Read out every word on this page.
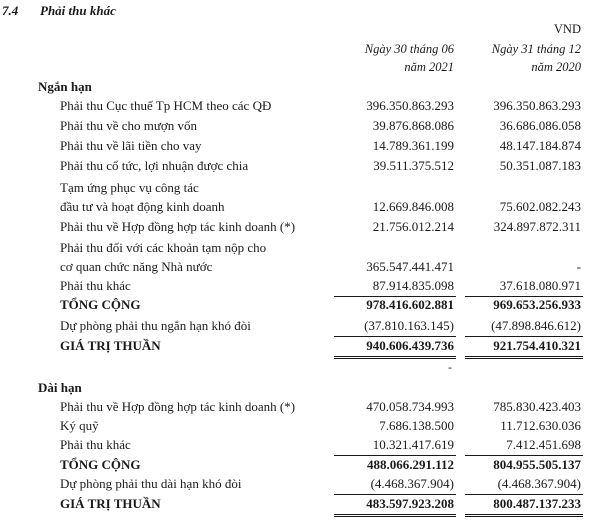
7.4 Phải thu khác
VND
Ngày 30 tháng 06
năm 2021
Ngày 31 tháng 12
năm 2020
Ngắn hạn
Phải thu Cục thuế Tp HCM theo các QĐ	396.350.863.293	396.350.863.293
Phải thu về cho mượn vốn	39.876.868.086	36.686.086.058
Phải thu về lãi tiền cho vay	14.789.361.199	48.147.184.874
Phải thu cổ tức, lợi nhuận được chia	39.511.375.512	50.351.087.183
Tạm ứng phục vụ công tác
đầu tư và hoạt động kinh doanh	12.669.846.008	75.602.082.243
Phải thu về Hợp đồng hợp tác kinh doanh (*)	21.756.012.214	324.897.872.311
Phải thu đối với các khoản tạm nộp cho
cơ quan chức năng Nhà nước	365.547.441.471	-
Phải thu khác	87.914.835.098	37.618.080.971
TỔNG CỘNG	978.416.602.881	969.653.256.933
Dự phòng phải thu ngắn hạn khó đòi	(37.810.163.145)	(47.898.846.612)
GIÁ TRỊ THUẦN	940.606.439.736	921.754.410.321
-
Dài hạn
Phải thu về Hợp đồng hợp tác kinh doanh (*)	470.058.734.993	785.830.423.403
Ký quỹ	7.686.138.500	11.712.630.036
Phải thu khác	10.321.417.619	7.412.451.698
TỔNG CỘNG	488.066.291.112	804.955.505.137
Dự phòng phải thu dài hạn khó đòi	(4.468.367.904)	(4.468.367.904)
GIÁ TRỊ THUẦN	483.597.923.208	800.487.137.233
